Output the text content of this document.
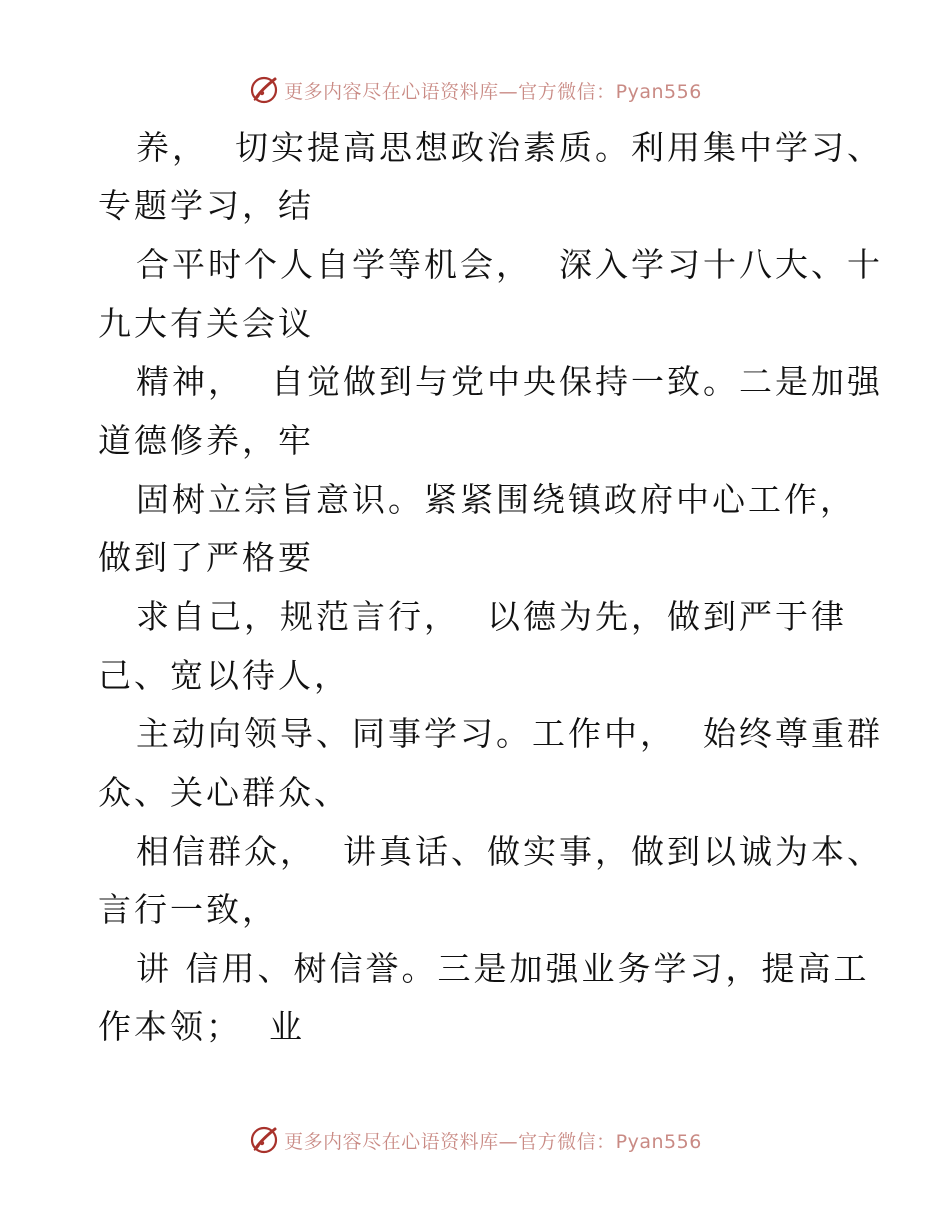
更多内容尽在心语资料库—官方微信：Pyan556
养，  切实提高思想政治素质。利用集中学习、
专题学习，结
合平时个人自学等机会，  深入学习十八大、十
九大有关会议
精神，  自觉做到与党中央保持一致。二是加强
道德修养，牢
固树立宗旨意识。紧紧围绕镇政府中心工作，
做到了严格要
求自己，规范言行，  以德为先，做到严于律
己、宽以待人，
主动向领导、同事学习。工作中，  始终尊重群
众、关心群众、
相信群众，  讲真话、做实事，做到以诚为本、
言行一致，
讲 信用、树信誉。三是加强业务学习，提高工
作本领；  业
更多内容尽在心语资料库—官方微信：Pyan556
